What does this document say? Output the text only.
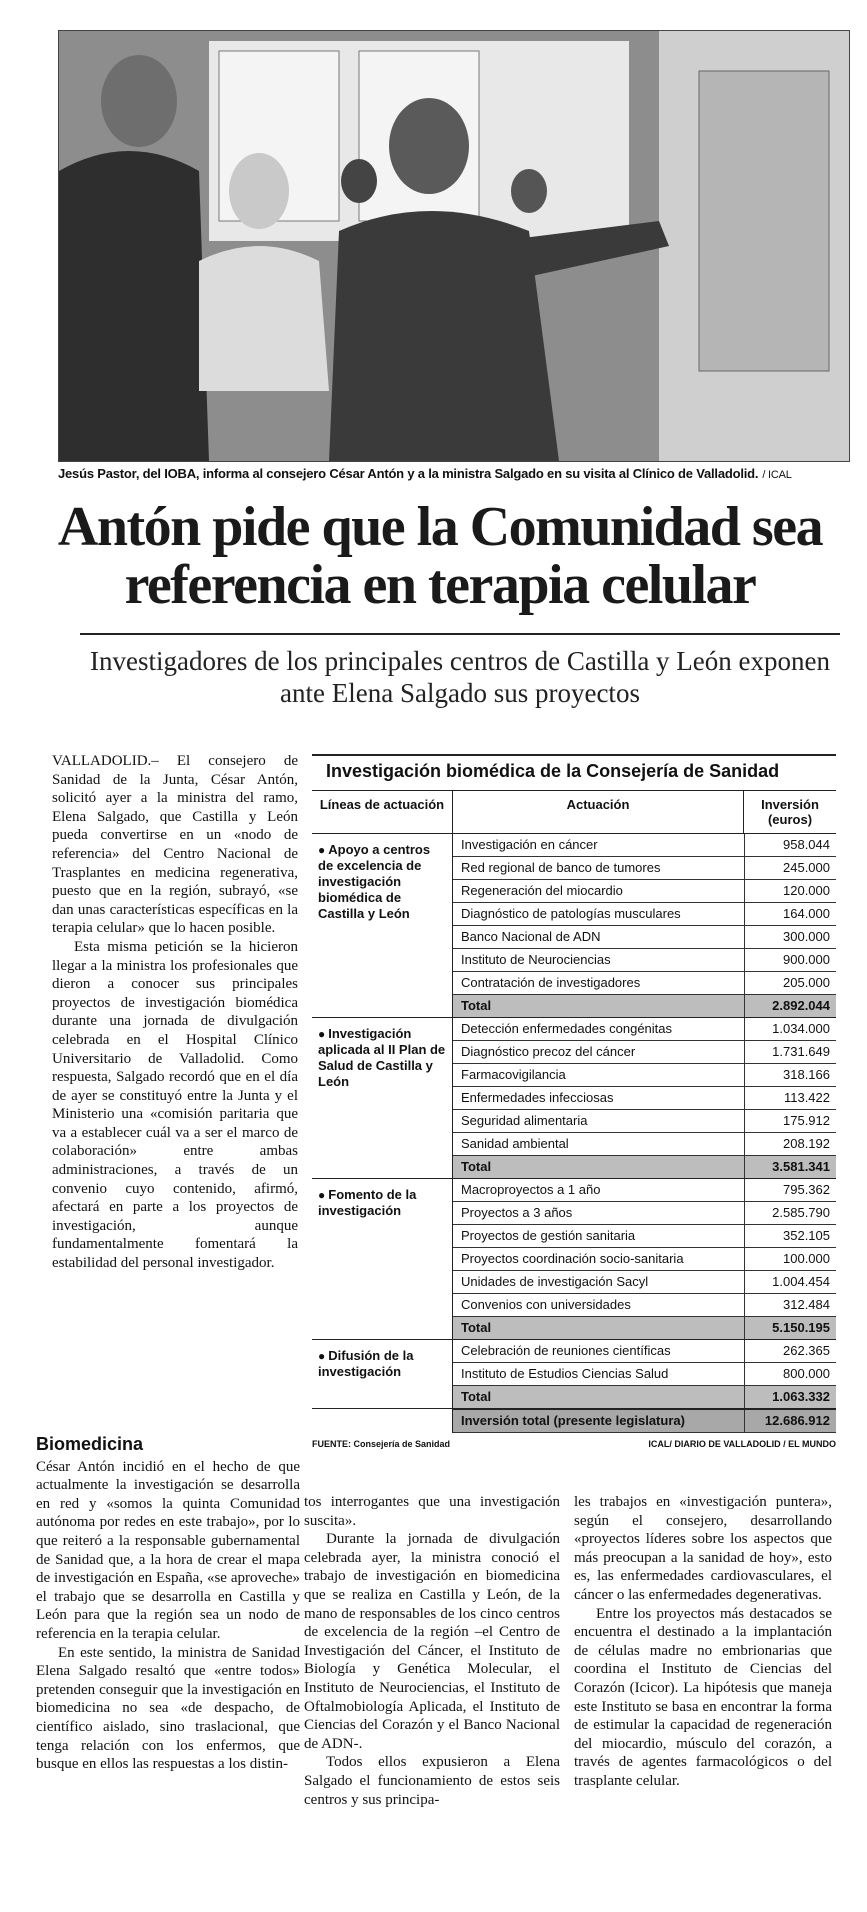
Jesús Pastor, del IOBA, informa al consejero César Antón y a la ministra Salgado en su visita al Clínico de Valladolid. / ICAL
Antón pide que la Comunidad sea referencia en terapia celular
Investigadores de los principales centros de Castilla y León exponen ante Elena Salgado sus proyectos

VALLADOLID.– El consejero de Sanidad de la Junta, César Antón, solicitó ayer a la ministra del ramo, Elena Salgado, que Castilla y León pueda convertirse en un «nodo de referencia» del Centro Nacional de Trasplantes en medicina regenerativa, puesto que en la región, subrayó, «se dan unas características específicas en la terapia celular» que lo hacen posible.

Esta misma petición se la hicieron llegar a la ministra los profesionales que dieron a conocer sus principales proyectos de investigación biomédica durante una jornada de divulgación celebrada en el Hospital Clínico Universitario de Valladolid. Como respuesta, Salgado recordó que en el día de ayer se constituyó entre la Junta y el Ministerio una «comisión paritaria que va a establecer cuál va a ser el marco de colaboración» entre ambas administraciones, a través de un convenio cuyo contenido, afirmó, afectará en parte a los proyectos de investigación, aunque fundamentalmente fomentará la estabilidad del personal investigador.

Biomedicina

César Antón incidió en el hecho de que actualmente la investigación se desarrolla en red y «somos la quinta Comunidad autónoma por redes en este trabajo», por lo que reiteró a la responsable gubernamental de Sanidad que, a la hora de crear el mapa de investigación en España, «se aproveche» el trabajo que se desarrolla en Castilla y León para que la región sea un nodo de referencia en la terapia celular.

En este sentido, la ministra de Sanidad Elena Salgado resaltó que «entre todos» pretenden conseguir que la investigación en biomedicina no sea «de despacho, de científico aislado, sino traslacional, que tenga relación con los enfermos, que busque en ellos las respuestas a los distin-

tos interrogantes que una investigación suscita».

Durante la jornada de divulgación celebrada ayer, la ministra conoció el trabajo de investigación en biomedicina que se realiza en Castilla y León, de la mano de responsables de los cinco centros de excelencia de la región –el Centro de Investigación del Cáncer, el Instituto de Biología y Genética Molecular, el Instituto de Neurociencias, el Instituto de Oftalmobiología Aplicada, el Instituto de Ciencias del Corazón y el Banco Nacional de ADN-.

Todos ellos expusieron a Elena Salgado el funcionamiento de estos seis centros y sus principa-

les trabajos en «investigación puntera», según el consejero, desarrollando «proyectos líderes sobre los aspectos que más preocupan a la sanidad de hoy», esto es, las enfermedades cardiovasculares, el cáncer o las enfermedades degenerativas.

Entre los proyectos más destacados se encuentra el destinado a la implantación de células madre no embrionarias que coordina el Instituto de Ciencias del Corazón (Icicor). La hipótesis que maneja este Instituto se basa en encontrar la forma de estimular la capacidad de regeneración del miocardio, músculo del corazón, a través de agentes farmacológicos o del trasplante celular.

Investigación biomédica de la Consejería de Sanidad
Líneas de actuación	Actuación	Inversión (euros)
● Apoyo a centros de excelencia de investigación biomédica de Castilla y León
Investigación en cáncer	958.044
Red regional de banco de tumores	245.000
Regeneración del miocardio	120.000
Diagnóstico de patologías musculares	164.000
Banco Nacional de ADN	300.000
Instituto de Neurociencias	900.000
Contratación de investigadores	205.000
Total	2.892.044
● Investigación aplicada al II Plan de Salud de Castilla y León
Detección enfermedades congénitas	1.034.000
Diagnóstico precoz del cáncer	1.731.649
Farmacovigilancia	318.166
Enfermedades infecciosas	113.422
Seguridad alimentaria	175.912
Sanidad ambiental	208.192
Total	3.581.341
● Fomento de la investigación
Macroproyectos a 1 año	795.362
Proyectos a 3 años	2.585.790
Proyectos de gestión sanitaria	352.105
Proyectos coordinación socio-sanitaria	100.000
Unidades de investigación Sacyl	1.004.454
Convenios con universidades	312.484
Total	5.150.195
● Difusión de la investigación
Celebración de reuniones científicas	262.365
Instituto de Estudios Ciencias Salud	800.000
Total	1.063.332
Inversión total (presente legislatura)	12.686.912
FUENTE: Consejería de Sanidad	ICAL/ DIARIO DE VALLADOLID / EL MUNDO
